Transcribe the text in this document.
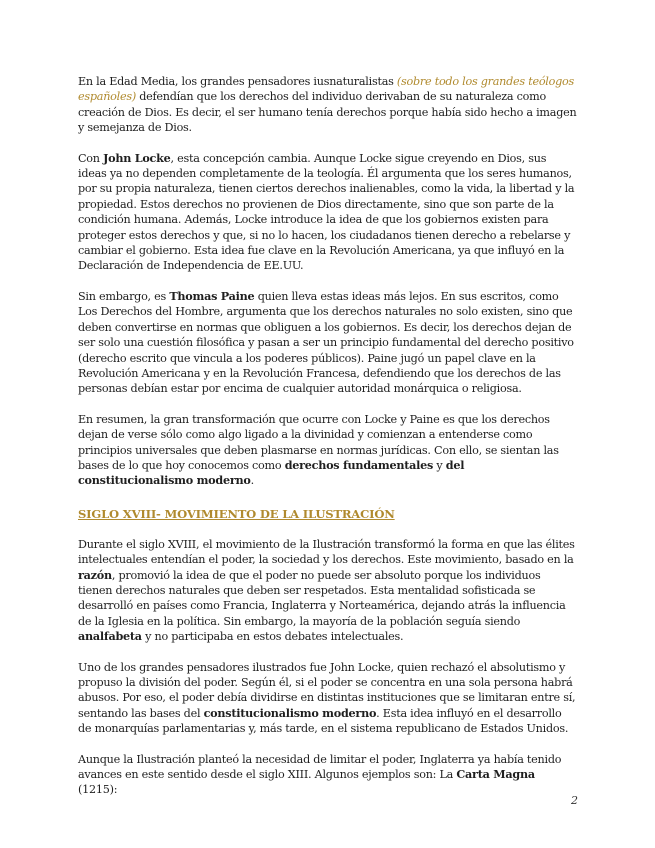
En la Edad Media, los grandes pensadores iusnaturalistas (sobre todo los grandes teólogos españoles) defendían que los derechos del individuo derivaban de su naturaleza como creación de Dios. Es decir, el ser humano tenía derechos porque había sido hecho a imagen y semejanza de Dios.

Con John Locke, esta concepción cambia. Aunque Locke sigue creyendo en Dios, sus ideas ya no dependen completamente de la teología. Él argumenta que los seres humanos, por su propia naturaleza, tienen ciertos derechos inalienables, como la vida, la libertad y la propiedad. Estos derechos no provienen de Dios directamente, sino que son parte de la condición humana. Además, Locke introduce la idea de que los gobiernos existen para proteger estos derechos y que, si no lo hacen, los ciudadanos tienen derecho a rebelarse y cambiar el gobierno. Esta idea fue clave en la Revolución Americana, ya que influyó en la Declaración de Independencia de EE.UU.

Sin embargo, es Thomas Paine quien lleva estas ideas más lejos. En sus escritos, como Los Derechos del Hombre, argumenta que los derechos naturales no solo existen, sino que deben convertirse en normas que obliguen a los gobiernos. Es decir, los derechos dejan de ser solo una cuestión filosófica y pasan a ser un principio fundamental del derecho positivo (derecho escrito que vincula a los poderes públicos). Paine jugó un papel clave en la Revolución Americana y en la Revolución Francesa, defendiendo que los derechos de las personas debían estar por encima de cualquier autoridad monárquica o religiosa.

En resumen, la gran transformación que ocurre con Locke y Paine es que los derechos dejan de verse sólo como algo ligado a la divinidad y comienzan a entenderse como principios universales que deben plasmarse en normas jurídicas. Con ello, se sientan las bases de lo que hoy conocemos como derechos fundamentales y del constitucionalismo moderno.

SIGLO XVIII- MOVIMIENTO DE LA ILUSTRACIÓN

Durante el siglo XVIII, el movimiento de la Ilustración transformó la forma en que las élites intelectuales entendían el poder, la sociedad y los derechos. Este movimiento, basado en la razón, promovió la idea de que el poder no puede ser absoluto porque los individuos tienen derechos naturales que deben ser respetados. Esta mentalidad sofisticada se desarrolló en países como Francia, Inglaterra y Norteamérica, dejando atrás la influencia de la Iglesia en la política. Sin embargo, la mayoría de la población seguía siendo analfabeta y no participaba en estos debates intelectuales.

Uno de los grandes pensadores ilustrados fue John Locke, quien rechazó el absolutismo y propuso la división del poder. Según él, si el poder se concentra en una sola persona habrá abusos. Por eso, el poder debía dividirse en distintas instituciones que se limitaran entre sí, sentando las bases del constitucionalismo moderno. Esta idea influyó en el desarrollo de monarquías parlamentarias y, más tarde, en el sistema republicano de Estados Unidos.

Aunque la Ilustración planteó la necesidad de limitar el poder, Inglaterra ya había tenido avances en este sentido desde el siglo XIII. Algunos ejemplos son: La Carta Magna (1215):

2
